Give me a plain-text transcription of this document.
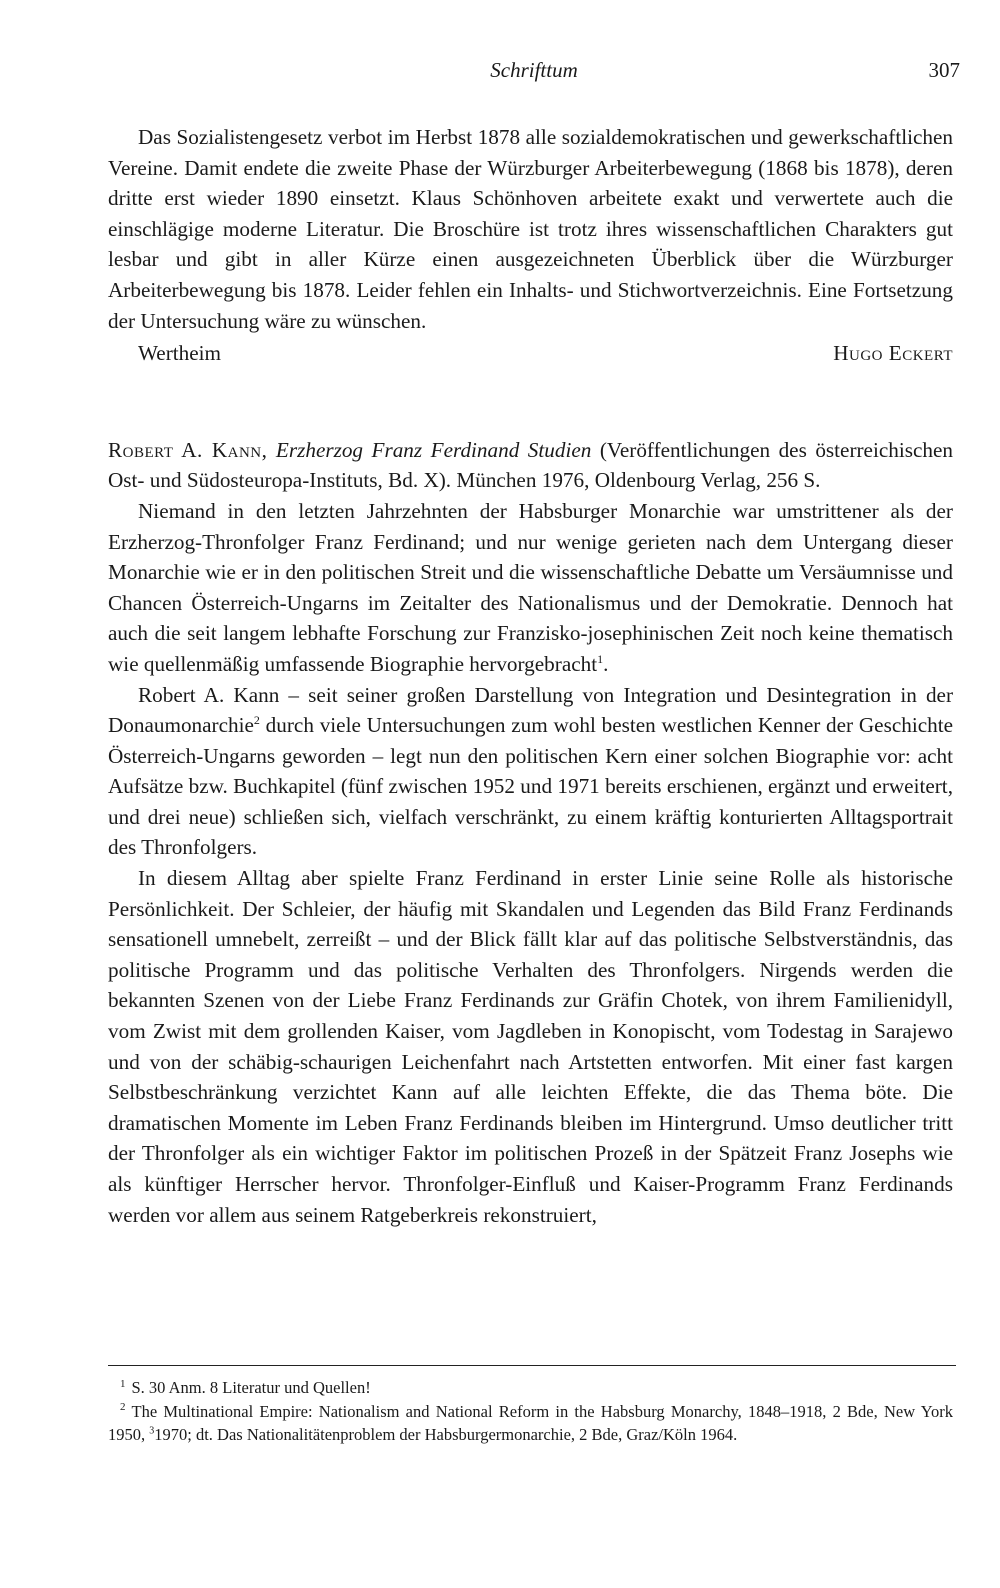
Schrifttum	307

Das Sozialistengesetz verbot im Herbst 1878 alle sozialdemokratischen und gewerkschaftlichen Vereine. Damit endete die zweite Phase der Würzburger Arbeiterbewegung (1868 bis 1878), deren dritte erst wieder 1890 einsetzt. Klaus Schönhoven arbeitete exakt und verwertete auch die einschlägige moderne Literatur. Die Broschüre ist trotz ihres wissenschaftlichen Charakters gut lesbar und gibt in aller Kürze einen ausgezeichneten Überblick über die Würzburger Arbeiterbewegung bis 1878. Leider fehlen ein Inhalts- und Stichwortverzeichnis. Eine Fortsetzung der Untersuchung wäre zu wünschen.

Wertheim	Hugo Eckert

Robert A. Kann, Erzherzog Franz Ferdinand Studien (Veröffentlichungen des österreichischen Ost- und Südosteuropa-Instituts, Bd. X). München 1976, Oldenbourg Verlag, 256 S.

Niemand in den letzten Jahrzehnten der Habsburger Monarchie war umstrittener als der Erzherzog-Thronfolger Franz Ferdinand; und nur wenige gerieten nach dem Untergang dieser Monarchie wie er in den politischen Streit und die wissenschaftliche Debatte um Versäumnisse und Chancen Österreich-Ungarns im Zeitalter des Nationalismus und der Demokratie. Dennoch hat auch die seit langem lebhafte Forschung zur Franzisko-josephinischen Zeit noch keine thematisch wie quellenmäßig umfassende Biographie hervorgebracht$^1$.

Robert A. Kann – seit seiner großen Darstellung von Integration und Desintegration in der Donaumonarchie$^2$ durch viele Untersuchungen zum wohl besten westlichen Kenner der Geschichte Österreich-Ungarns geworden – legt nun den politischen Kern einer solchen Biographie vor: acht Aufsätze bzw. Buchkapitel (fünf zwischen 1952 und 1971 bereits erschienen, ergänzt und erweitert, und drei neue) schließen sich, vielfach verschränkt, zu einem kräftig konturierten Alltagsportrait des Thronfolgers.

In diesem Alltag aber spielte Franz Ferdinand in erster Linie seine Rolle als historische Persönlichkeit. Der Schleier, der häufig mit Skandalen und Legenden das Bild Franz Ferdinands sensationell umnebelt, zerreißt – und der Blick fällt klar auf das politische Selbstverständnis, das politische Programm und das politische Verhalten des Thronfolgers. Nirgends werden die bekannten Szenen von der Liebe Franz Ferdinands zur Gräfin Chotek, von ihrem Familienidyll, vom Zwist mit dem grollenden Kaiser, vom Jagdleben in Konopischt, vom Todestag in Sarajewo und von der schäbig-schaurigen Leichenfahrt nach Artstetten entworfen. Mit einer fast kargen Selbstbeschränkung verzichtet Kann auf alle leichten Effekte, die das Thema böte. Die dramatischen Momente im Leben Franz Ferdinands bleiben im Hintergrund. Umso deutlicher tritt der Thronfolger als ein wichtiger Faktor im politischen Prozeß in der Spätzeit Franz Josephs wie als künftiger Herrscher hervor. Thronfolger-Einfluß und Kaiser-Programm Franz Ferdinands werden vor allem aus seinem Ratgeberkreis rekonstruiert,

$^1$ S. 30 Anm. 8 Literatur und Quellen!

$^2$ The Multinational Empire: Nationalism and National Reform in the Habsburg Monarchy, 1848–1918, 2 Bde, New York 1950, $^3$1970; dt. Das Nationalitätenproblem der Habsburgermonarchie, 2 Bde, Graz/Köln 1964.
